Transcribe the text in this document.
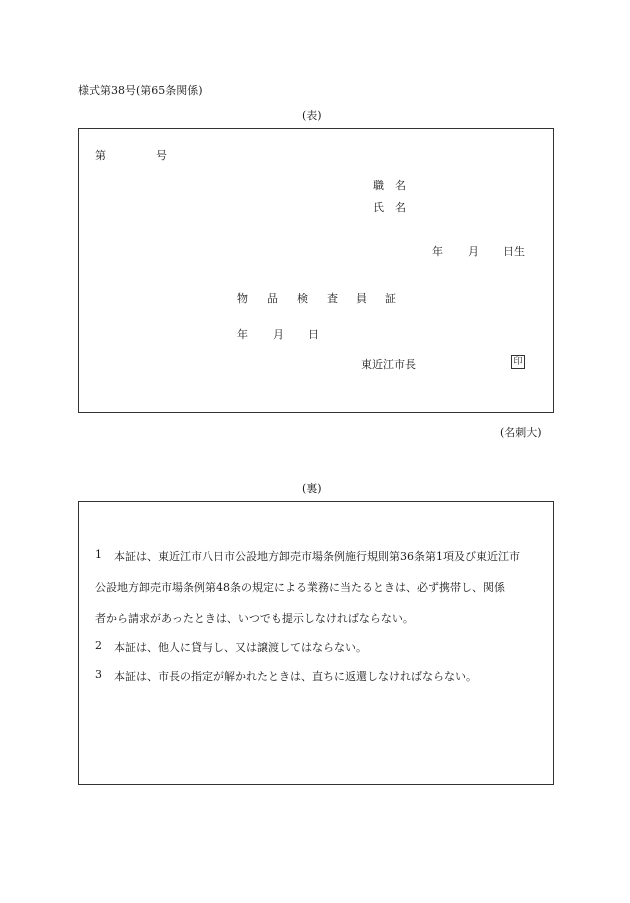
様式第38号(第65条関係)
(表)
第	号
職　名
氏　名
年 月 日生
物 品 検 査 員 証
年 月 日
東近江市長	印
(名刺大)
(裏)
1 本証は、東近江市八日市公設地方卸売市場条例施行規則第36条第1項及び東近江市
公設地方卸売市場条例第48条の規定による業務に当たるときは、必ず携帯し、関係
者から請求があったときは、いつでも提示しなければならない。
2 本証は、他人に貸与し、又は譲渡してはならない。
3 本証は、市長の指定が解かれたときは、直ちに返還しなければならない。
